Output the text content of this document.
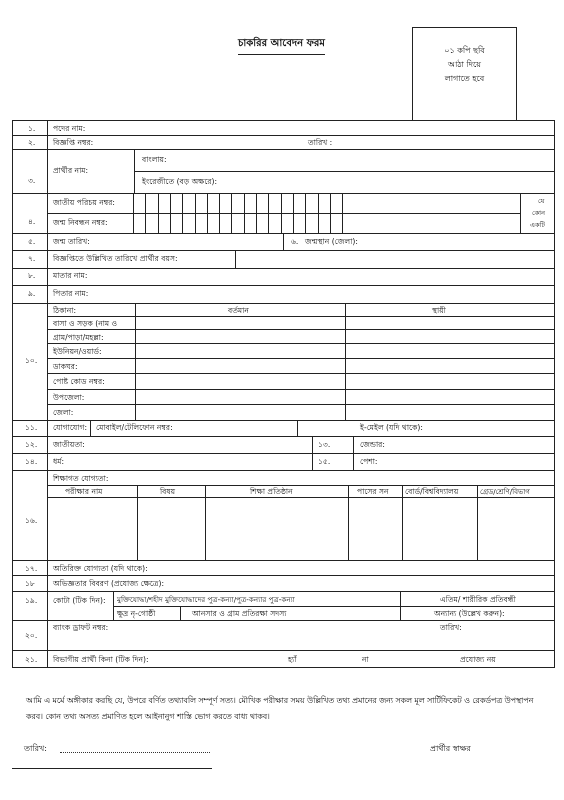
চাকরির আবেদন ফরম
০১ কপি ছবি
আঠা দিয়ে
লাগাতে হবে
১. পদের নাম:
২. বিজ্ঞপ্তি নম্বর:	তারিখ :
৩.
প্রার্থীর নাম:
বাংলায়:
ইংরেজীতে (বড় অক্ষরে):
৪.
জাতীয় পরিচয় নম্বর:
জন্ম নিবন্ধন নম্বর:
যে
কোন
একটি
৫. জন্ম তারিখ:	৬. জন্মস্থান (জেলা):
৭. বিজ্ঞপ্তিতে উল্লিখিত তারিখে প্রার্থীর বয়স:
৮. মাতার নাম:
৯. পিতার নাম:
১০.
ঠিকানা:	বর্তমান	স্থায়ী
বাসা ও সড়ক (নাম ও
গ্রাম/পাড়া/মহল্লা:
ইউনিয়ন/ওয়ার্ড:
ডাকঘর:
পোষ্ট কোড নম্বর:
উপজেলা:
জেলা:
১১. যোগাযোগ: মোবাইল/টেলিফোন নম্বর:	ই-মেইল (যদি থাকে):
১২. জাতীয়তা:	১৩.	জেন্ডার:
১৪. ধর্ম:	১৫.	পেশা:
১৬.
শিক্ষাগত যোগ্যতা:
পরীক্ষার নাম	বিষয়	শিক্ষা প্রতিষ্ঠান	পাসের সন বোর্ড/বিশ্ববিদ্যালয়	গ্রেড/শ্রেণি/বিভাগ
১৭. অতিরিক্ত যোগ্যতা (যদি থাকে):
১৮ অভিজ্ঞতার বিবরণ (প্রযোজ্য ক্ষেত্রে):
১৯. কোটা (টিক দিন): মুক্তিযোদ্ধা/শহীদ মুক্তিযোদ্ধাদের পুত্র-কন্যা/পুত্র-কন্যার পুত্র-কন্যা	এতিম/ শারীরিক প্রতিবন্ধী
ক্ষুদ্র নৃ-গোষ্ঠী	আনসার ও গ্রাম প্রতিরক্ষা সদস্য	অন্যান্য (উল্লেখ করুন):
২০.
ব্যাংক ড্রাফট নম্বর:	তারিখ:
২১. বিভাগীয় প্রার্থী কিনা (টিক দিন):	হ্যাঁ	না	প্রযোজ্য নয়
আমি এ মর্মে অঙ্গীকার করছি যে, উপরে বর্ণিত তথ্যাবলি সম্পূর্ণ সত্য। মৌখিক পরীক্ষার সময় উল্লিখিত তথ্য প্রমানের জন্য সকল মূল সার্টিফিকেট ও রেকর্ডপত্র উপস্থাপন করব। কোন তথ্য অসত্য প্রমাণিত হলে আইনানুগ শাস্তি ভোগ করতে বাধ্য থাকব।
তারিখ:	প্রার্থীর স্বাক্ষর
